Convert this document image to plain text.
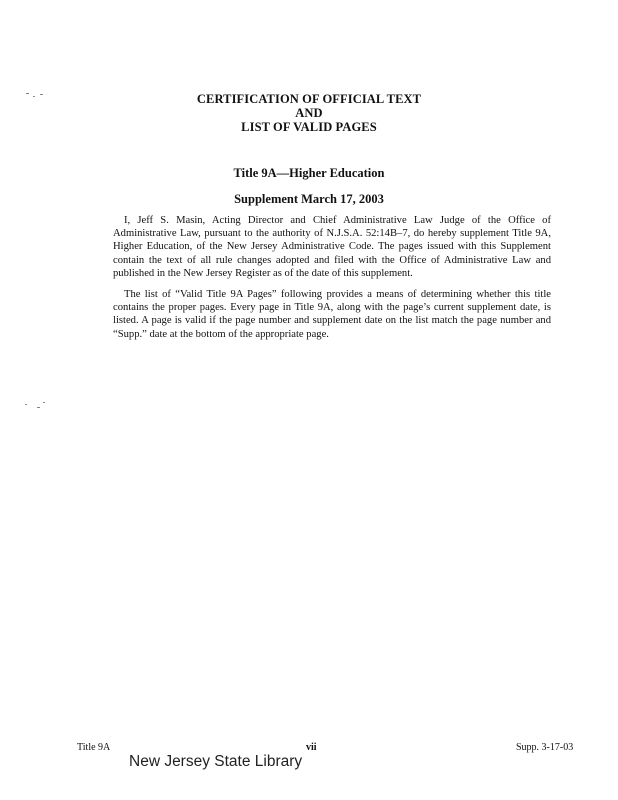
CERTIFICATION OF OFFICIAL TEXT
AND
LIST OF VALID PAGES
Title 9A—Higher Education
Supplement March 17, 2003

I, Jeff S. Masin, Acting Director and Chief Administrative Law Judge of the Office of Administrative Law, pursuant to the authority of N.J.S.A. 52:14B–7, do hereby supplement Title 9A, Higher Education, of the New Jersey Administrative Code. The pages issued with this Supplement contain the text of all rule changes adopted and filed with the Office of Administrative Law and published in the New Jersey Register as of the date of this supplement.

The list of “Valid Title 9A Pages” following provides a means of determining whether this title contains the proper pages. Every page in Title 9A, along with the page’s current supplement date, is listed. A page is valid if the page number and supplement date on the list match the page number and “Supp.” date at the bottom of the appropriate page.

Title 9A	vii	Supp. 3-17-03
New Jersey State Library
